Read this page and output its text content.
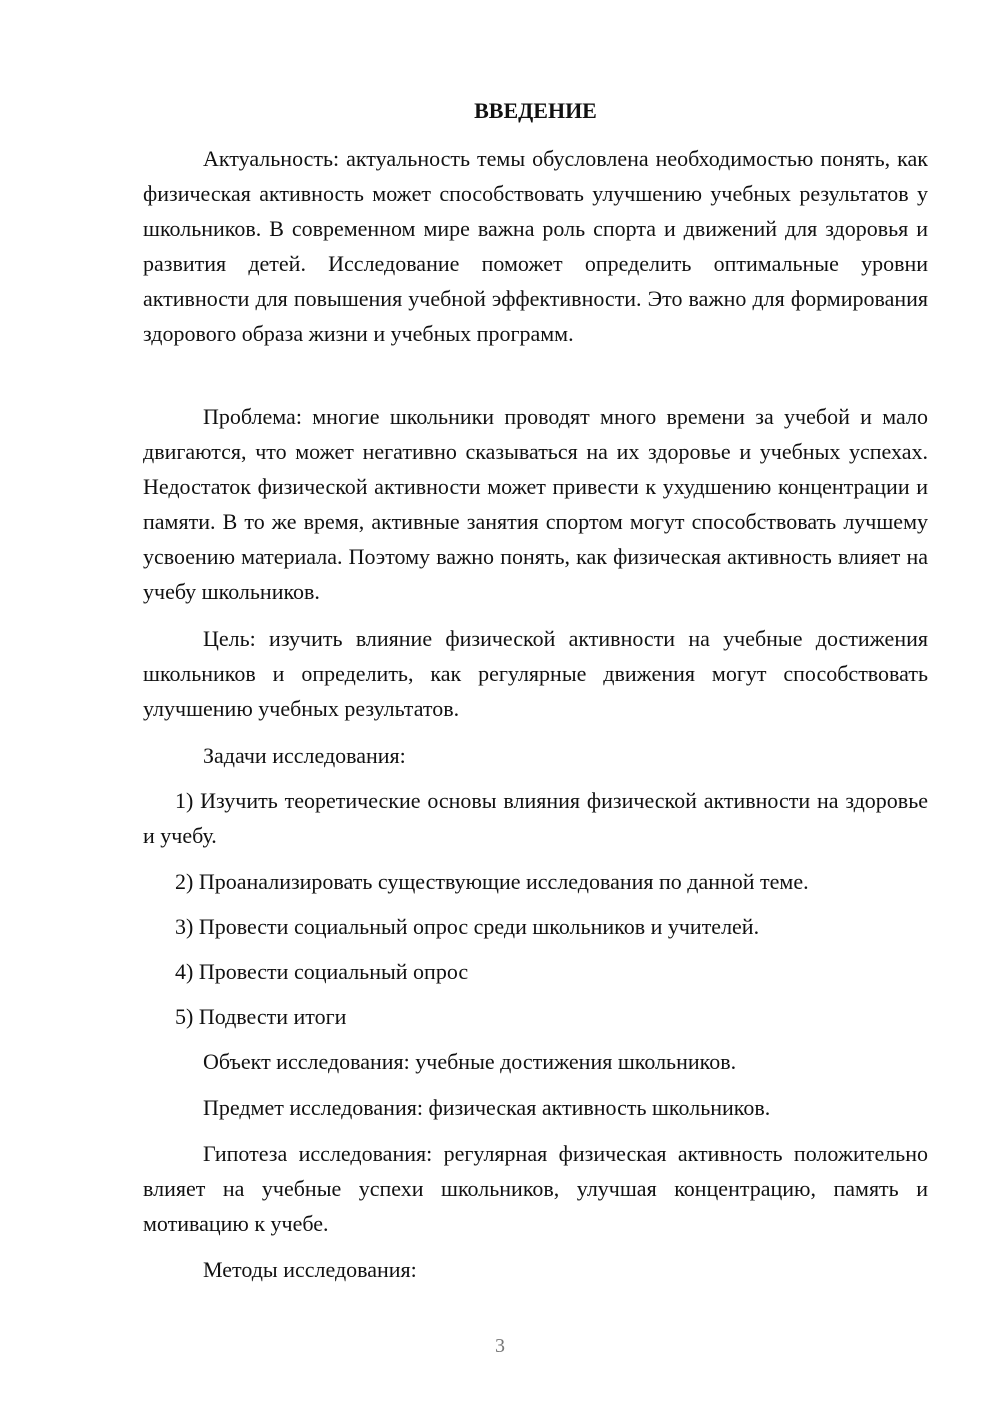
ВВЕДЕНИЕ

Актуальность: актуальность темы обусловлена необходимостью понять, как физическая активность может способствовать улучшению учебных результатов у школьников. В современном мире важна роль спорта и движений для здоровья и развития детей. Исследование поможет определить оптимальные уровни активности для повышения учебной эффективности. Это важно для формирования здорового образа жизни и учебных программ.

Проблема: многие школьники проводят много времени за учебой и мало двигаются, что может негативно сказываться на их здоровье и учебных успехах. Недостаток физической активности может привести к ухудшению концентрации и памяти. В то же время, активные занятия спортом могут способствовать лучшему усвоению материала. Поэтому важно понять, как физическая активность влияет на учебу школьников.

Цель: изучить влияние физической активности на учебные достижения школьников и определить, как регулярные движения могут способствовать улучшению учебных результатов.

Задачи исследования:

1) Изучить теоретические основы влияния физической активности на здоровье и учебу.

2) Проанализировать существующие исследования по данной теме.

3) Провести социальный опрос среди школьников и учителей.

4) Провести социальный опрос

5) Подвести итоги

Объект исследования: учебные достижения школьников.

Предмет исследования: физическая активность школьников.

Гипотеза исследования: регулярная физическая активность положительно влияет на учебные успехи школьников, улучшая концентрацию, память и мотивацию к учебе.

Методы исследования:

3
